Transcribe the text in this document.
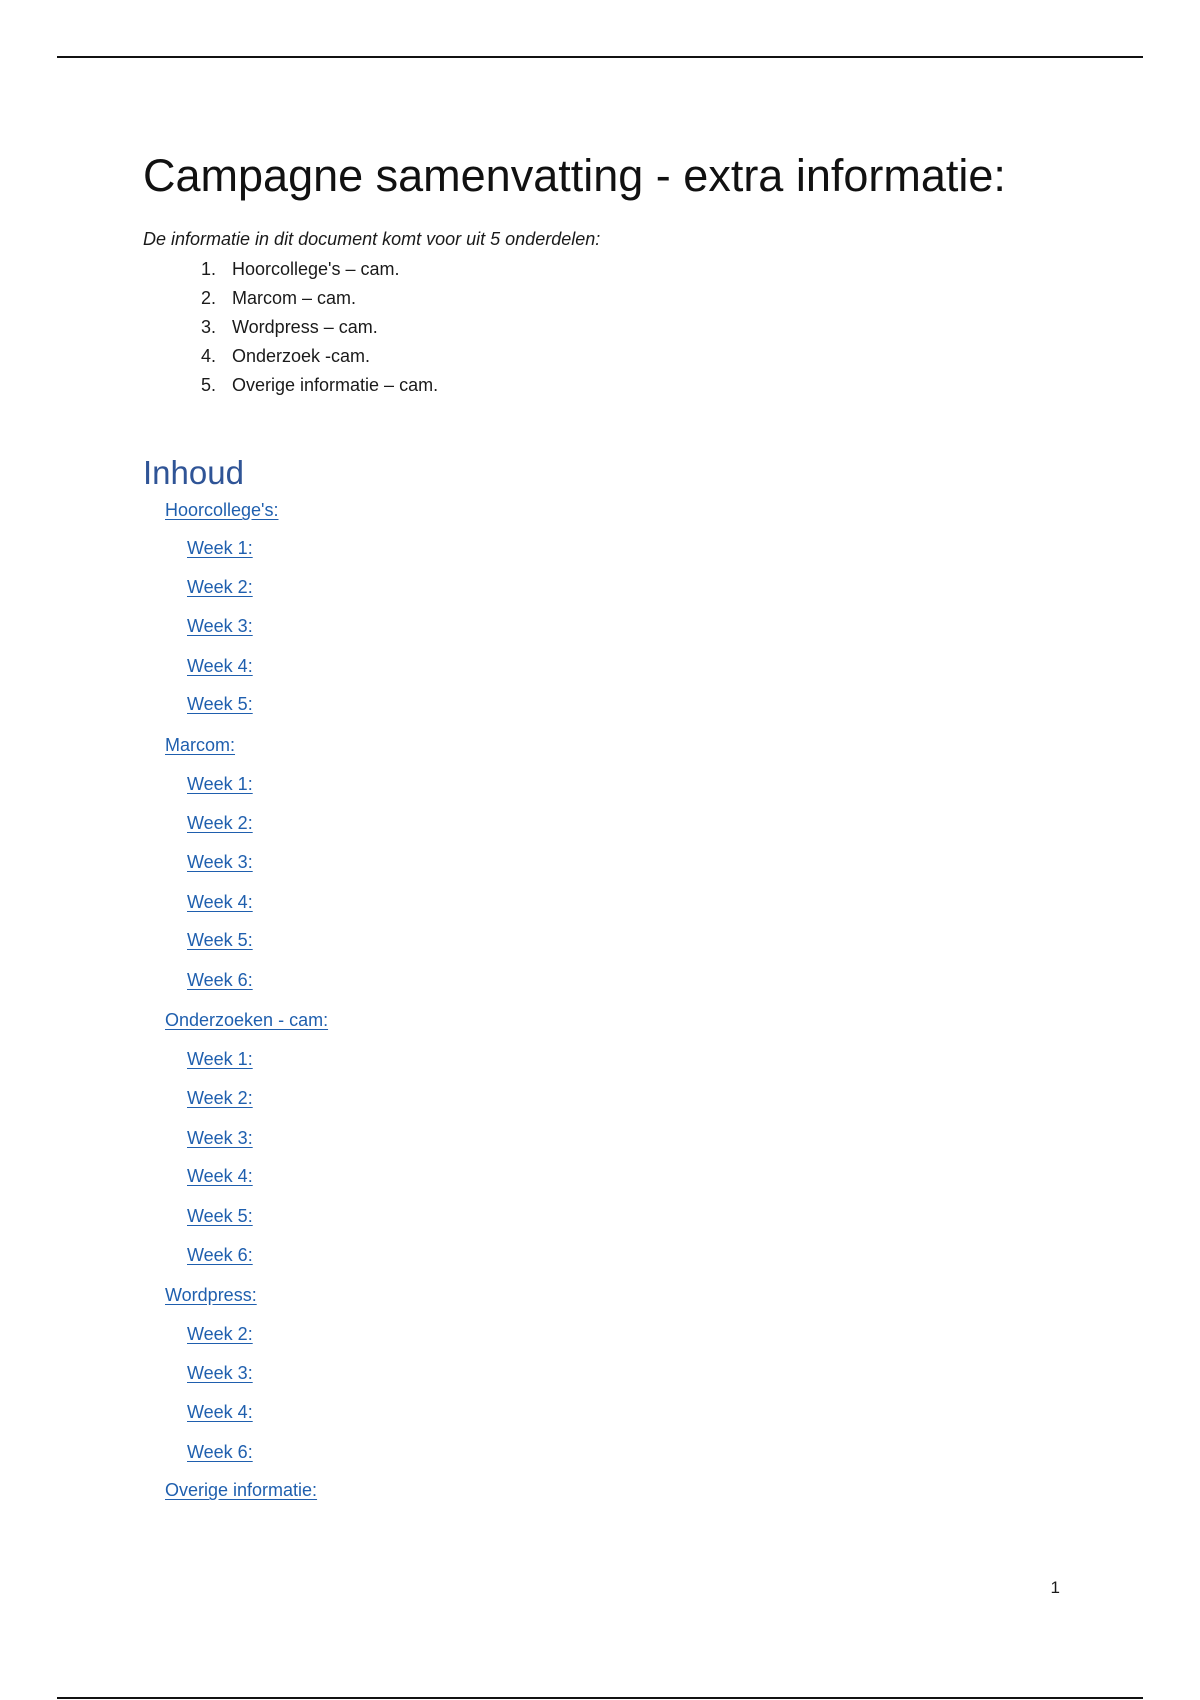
Campagne samenvatting - extra informatie:

De informatie in dit document komt voor uit 5 onderdelen:

1. Hoorcollege's – cam.
2. Marcom – cam.
3. Wordpress – cam.
4. Onderzoek -cam.
5. Overige informatie – cam.
Inhoud
Hoorcollege's:
Week 1:
Week 2:
Week 3:
Week 4:
Week 5:
Marcom:
Week 1:
Week 2:
Week 3:
Week 4:
Week 5:
Week 6:
Onderzoeken - cam:
Week 1:
Week 2:
Week 3:
Week 4:
Week 5:
Week 6:
Wordpress:
Week 2:
Week 3:
Week 4:
Week 6:
Overige informatie:
1
